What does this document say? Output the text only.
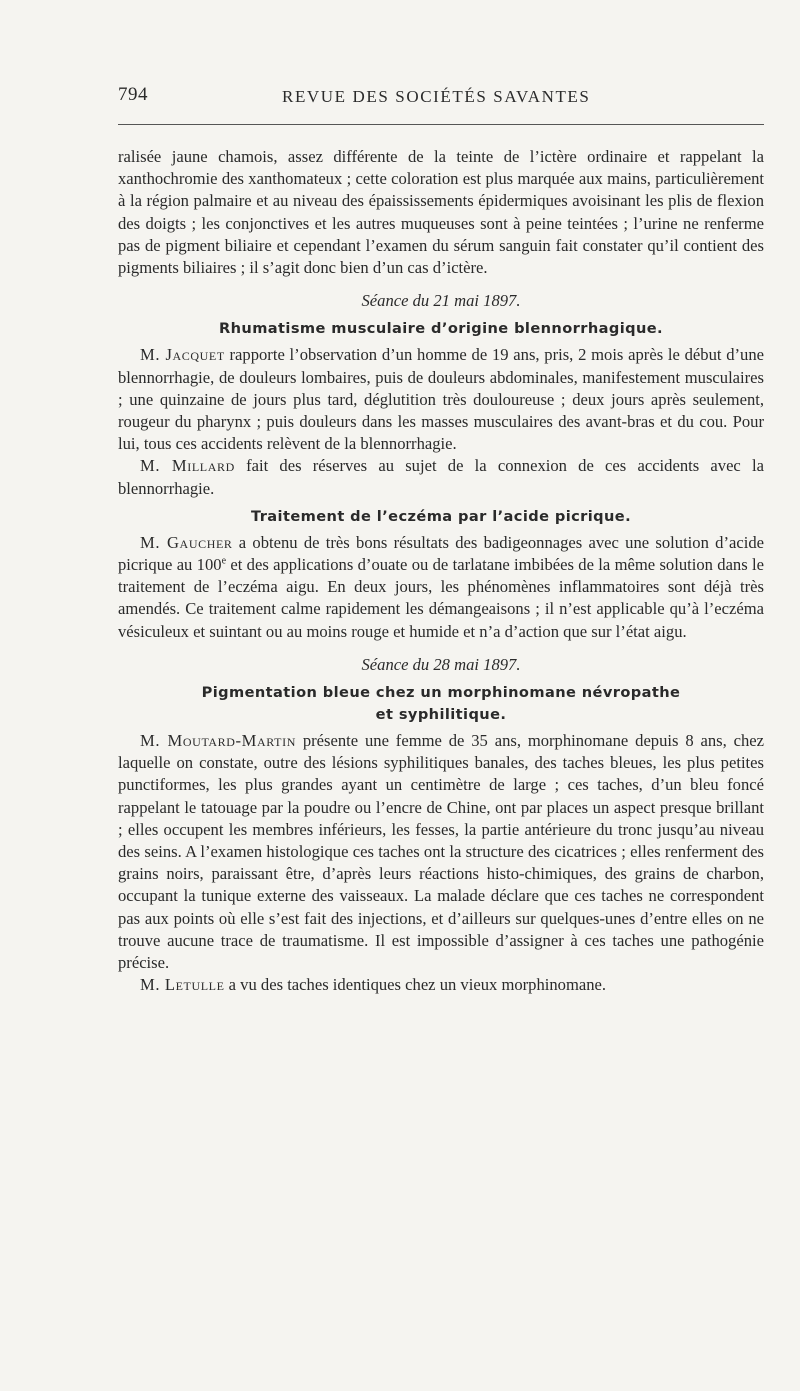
794	REVUE DES SOCIÉTÉS SAVANTES

ralisée jaune chamois, assez différente de la teinte de l’ictère ordinaire et rappelant la xanthochromie des xanthomateux ; cette coloration est plus marquée aux mains, particulièrement à la région palmaire et au niveau des épaississements épidermiques avoisinant les plis de flexion des doigts ; les conjonctives et les autres muqueuses sont à peine teintées ; l’urine ne renferme pas de pigment biliaire et cependant l’examen du sérum sanguin fait constater qu’il contient des pigments biliaires ; il s’agit donc bien d’un cas d’ictère.

Séance du 21 mai 1897.

Rhumatisme musculaire d’origine blennorrhagique.

M. Jacquet rapporte l’observation d’un homme de 19 ans, pris, 2 mois après le début d’une blennorrhagie, de douleurs lombaires, puis de douleurs abdominales, manifestement musculaires ; une quinzaine de jours plus tard, déglutition très douloureuse ; deux jours après seulement, rougeur du pharynx ; puis douleurs dans les masses musculaires des avant-bras et du cou. Pour lui, tous ces accidents relèvent de la blennorrhagie.

M. Millard fait des réserves au sujet de la connexion de ces accidents avec la blennorrhagie.

Traitement de l’eczéma par l’acide picrique.

M. Gaucher a obtenu de très bons résultats des badigeonnages avec une solution d’acide picrique au 100e et des applications d’ouate ou de tarlatane imbibées de la même solution dans le traitement de l’eczéma aigu. En deux jours, les phénomènes inflammatoires sont déjà très amendés. Ce traitement calme rapidement les démangeaisons ; il n’est applicable qu’à l’eczéma vésiculeux et suintant ou au moins rouge et humide et n’a d’action que sur l’état aigu.

Séance du 28 mai 1897.

Pigmentation bleue chez un morphinomane névropathe
et syphilitique.

M. Moutard-Martin présente une femme de 35 ans, morphinomane depuis 8 ans, chez laquelle on constate, outre des lésions syphilitiques banales, des taches bleues, les plus petites punctiformes, les plus grandes ayant un centimètre de large ; ces taches, d’un bleu foncé rappelant le tatouage par la poudre ou l’encre de Chine, ont par places un aspect presque brillant ; elles occupent les membres inférieurs, les fesses, la partie antérieure du tronc jusqu’au niveau des seins. A l’examen histologique ces taches ont la structure des cicatrices ; elles renferment des grains noirs, paraissant être, d’après leurs réactions histo-chimiques, des grains de charbon, occupant la tunique externe des vaisseaux. La malade déclare que ces taches ne correspondent pas aux points où elle s’est fait des injections, et d’ailleurs sur quelques-unes d’entre elles on ne trouve aucune trace de traumatisme. Il est impossible d’assigner à ces taches une pathogénie précise.

M. Letulle a vu des taches identiques chez un vieux morphinomane.
